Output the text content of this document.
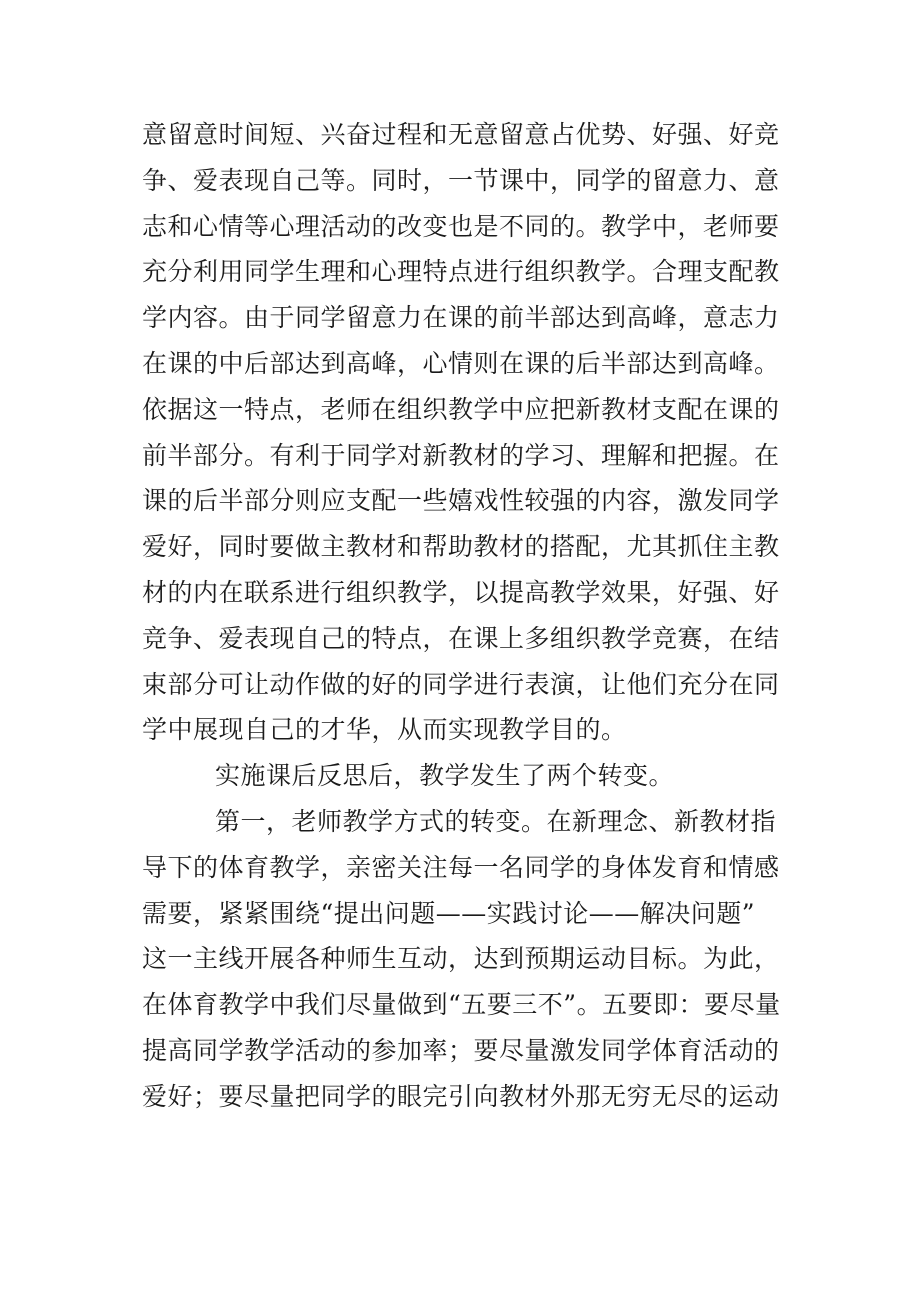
意留意时间短、兴奋过程和无意留意占优势、好强、好竞
争、爱表现自己等。同时，一节课中，同学的留意力、意
志和心情等心理活动的改变也是不同的。教学中，老师要
充分利用同学生理和心理特点进行组织教学。合理支配教
学内容。由于同学留意力在课的前半部达到高峰，意志力
在课的中后部达到高峰，心情则在课的后半部达到高峰。
依据这一特点，老师在组织教学中应把新教材支配在课的
前半部分。有利于同学对新教材的学习、理解和把握。在
课的后半部分则应支配一些嬉戏性较强的内容，激发同学
爱好，同时要做主教材和帮助教材的搭配，尤其抓住主教
材的内在联系进行组织教学，以提高教学效果，好强、好
竞争、爱表现自己的特点，在课上多组织教学竞赛，在结
束部分可让动作做的好的同学进行表演，让他们充分在同
学中展现自己的才华，从而实现教学目的。
实施课后反思后，教学发生了两个转变。
第一，老师教学方式的转变。在新理念、新教材指
导下的体育教学，亲密关注每一名同学的身体发育和情感
需要，紧紧围绕“提出问题——实践讨论——解决问题”
这一主线开展各种师生互动，达到预期运动目标。为此，
在体育教学中我们尽量做到“五要三不”。五要即：要尽量
提高同学教学活动的参加率；要尽量激发同学体育活动的
爱好；要尽量把同学的眼完引向教材外那无穷无尽的运动
